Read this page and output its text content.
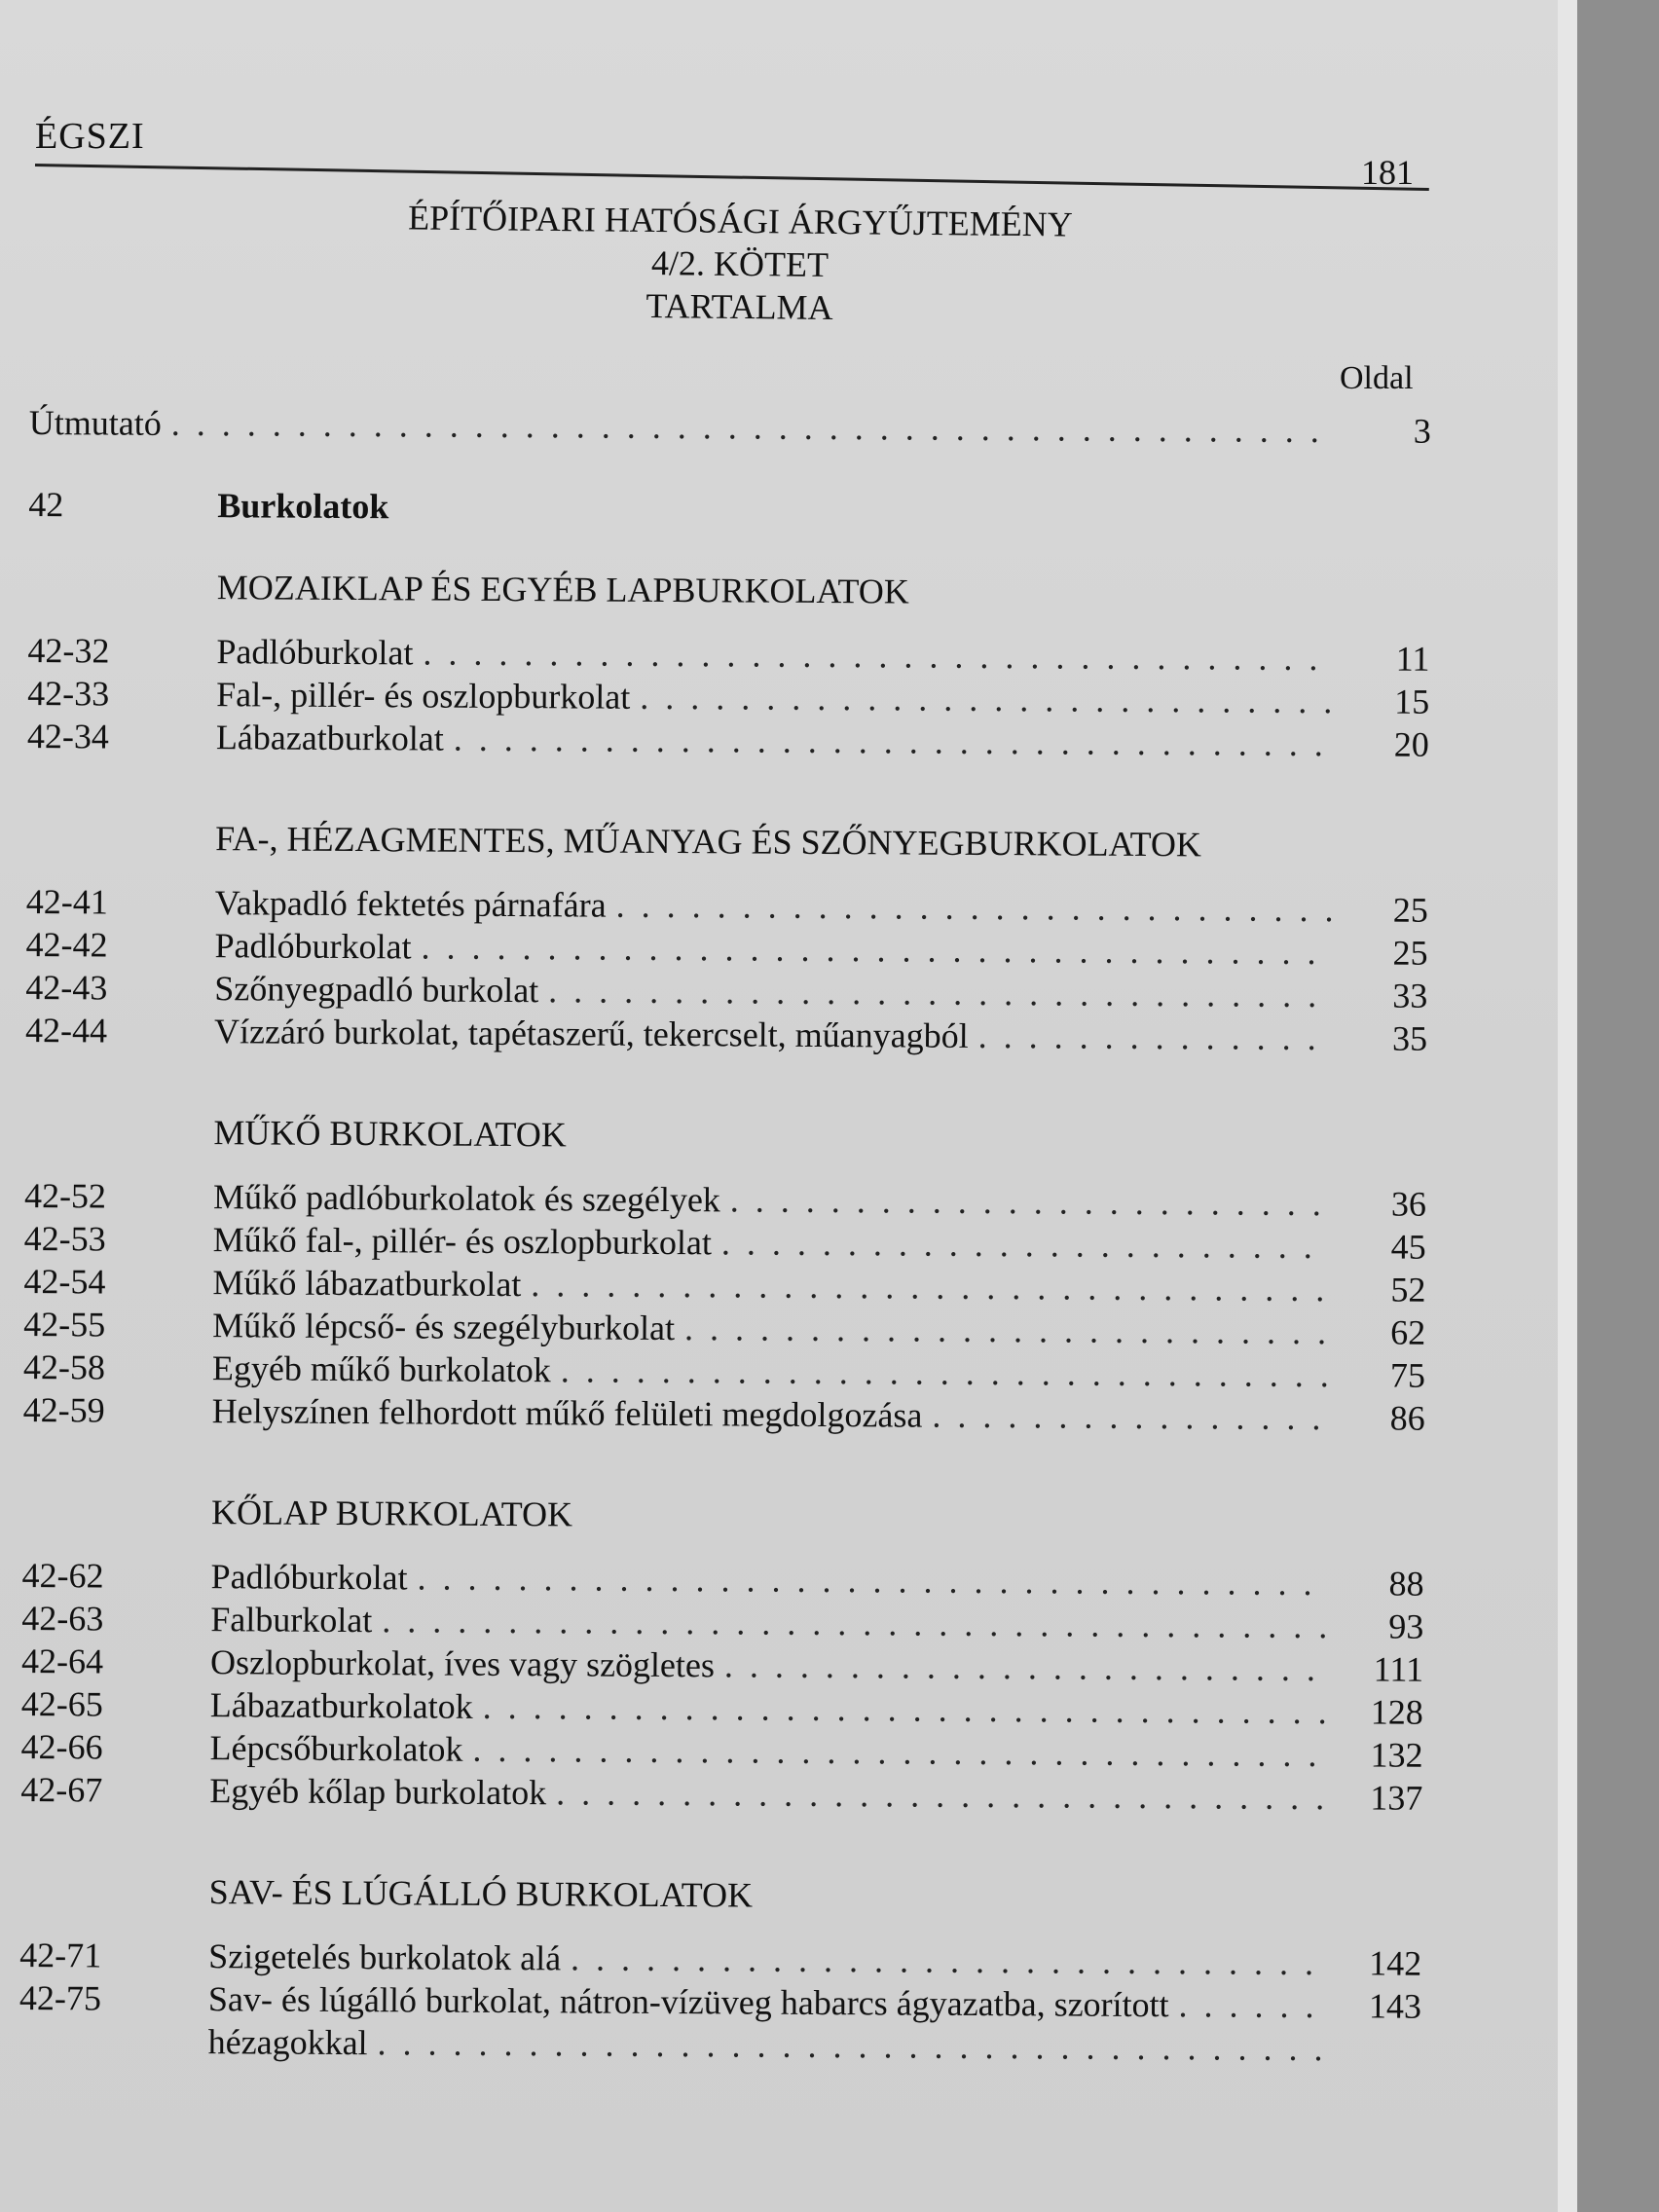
ÉGSZI
181
ÉPÍTŐIPARI HATÓSÁGI ÁRGYŰJTEMÉNY
4/2. KÖTET
TARTALMA
Oldal
Útmutató . . .	3
42	Burkolatok
MOZAIKLAP ÉS EGYÉB LAPBURKOLATOK
42-32	Padlóburkolat . . .	11
42-33	Fal-, pillér- és oszlopburkolat . . .	15
42-34	Lábazatburkolat . . .	20
FA-, HÉZAGMENTES, MŰANYAG ÉS SZŐNYEGBURKOLATOK
42-41	Vakpadló fektetés párnafára . . .	25
42-42	Padlóburkolat . . .	25
42-43	Szőnyegpadló burkolat . . .	33
42-44	Vízzáró burkolat, tapétaszerű, tekercselt, műanyagból . . .	35
MŰKŐ BURKOLATOK
42-52	Műkő padlóburkolatok és szegélyek . . .	36
42-53	Műkő fal-, pillér- és oszlopburkolat . . .	45
42-54	Műkő lábazatburkolat . . .	52
42-55	Műkő lépcső- és szegélyburkolat . . .	62
42-58	Egyéb műkő burkolatok . . .	75
42-59	Helyszínen felhordott műkő felületi megdolgozása . . .	86
KŐLAP BURKOLATOK
42-62	Padlóburkolat . . .	88
42-63	Falburkolat . . .	93
42-64	Oszlopburkolat, íves vagy szögletes . . .	111
42-65	Lábazatburkolatok . . .	128
42-66	Lépcsőburkolatok . . .	132
42-67	Egyéb kőlap burkolatok . . .	137
SAV- ÉS LÚGÁLLÓ BURKOLATOK
42-71	Szigetelés burkolatok alá . . .	142
42-75	Sav- és lúgálló burkolat, nátron-vízüveg habarcs ágyazatba, szorított . . .	143
hézagokkal
. . .
